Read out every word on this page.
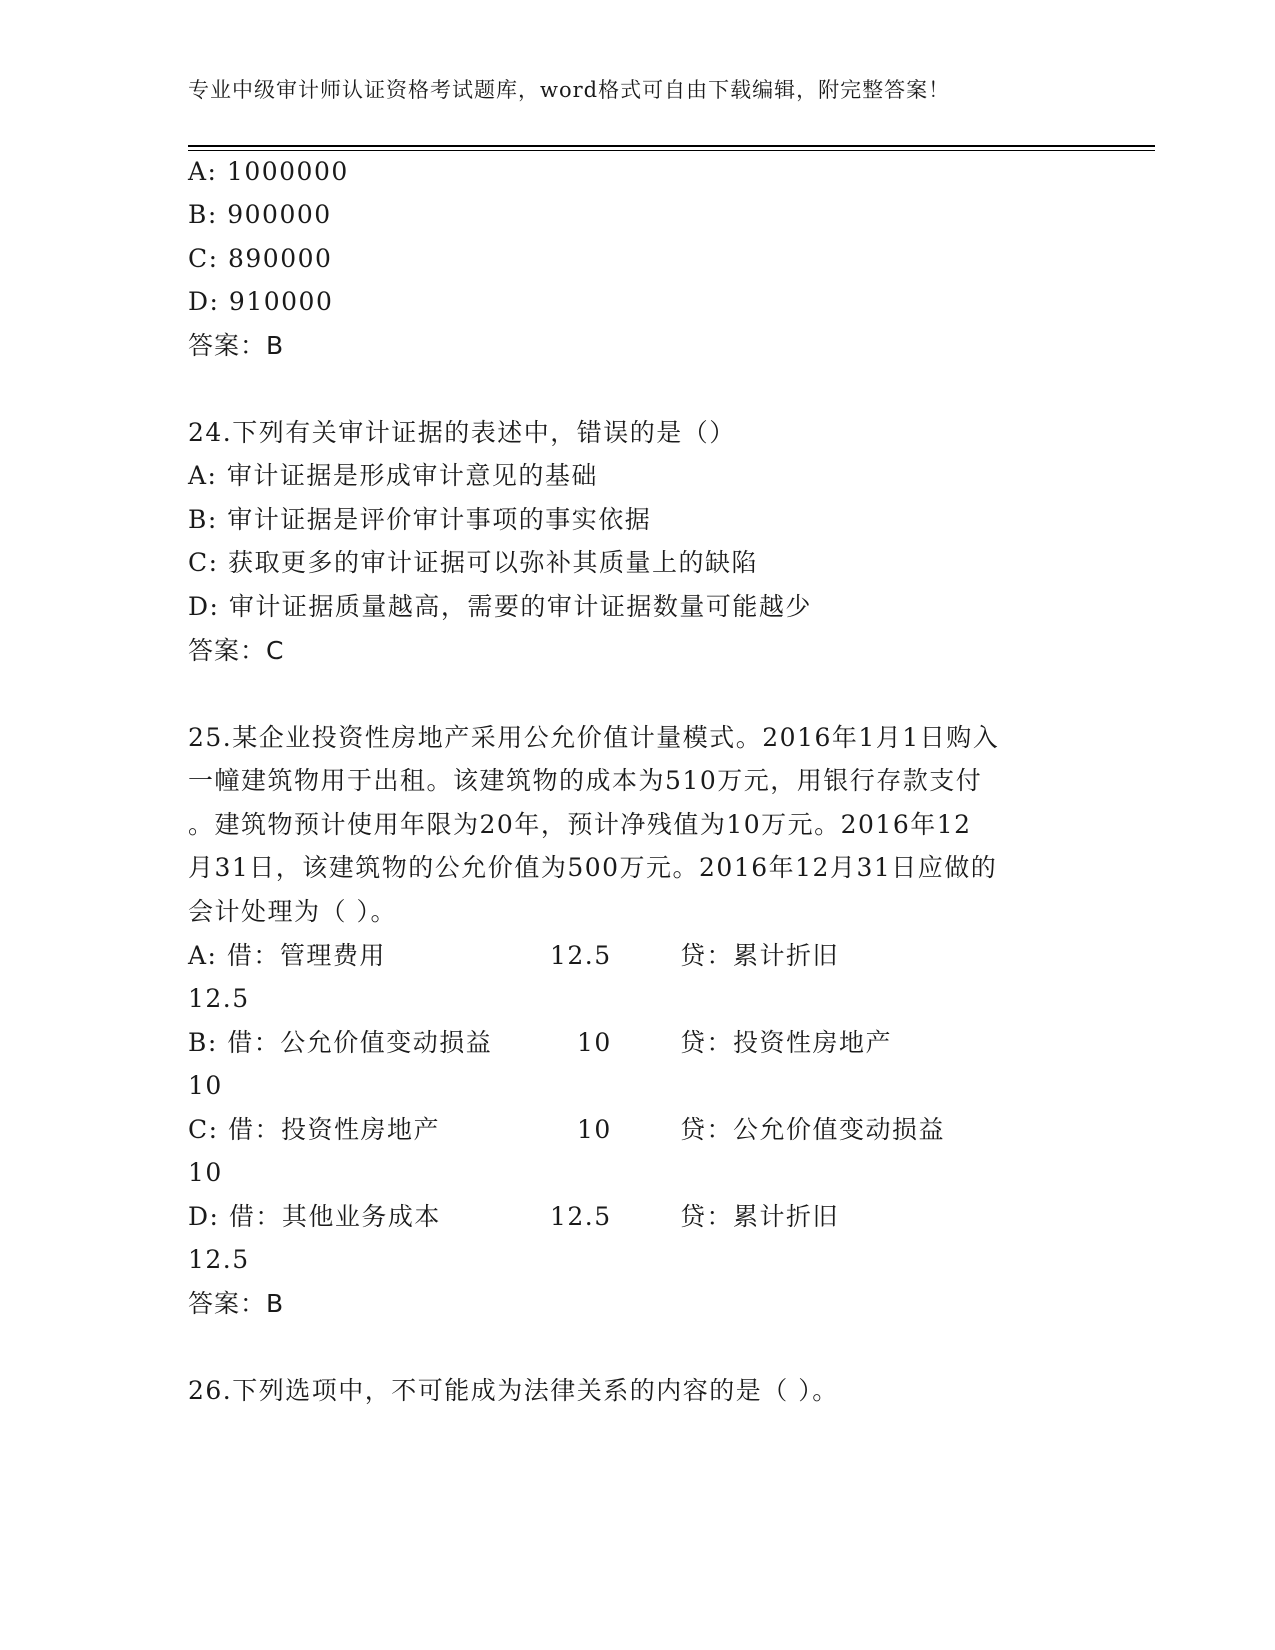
专业中级审计师认证资格考试题库，word格式可自由下载编辑，附完整答案！
A: 1000000
B: 900000
C: 890000
D: 910000
答案：B
24.下列有关审计证据的表述中，错误的是（）
A: 审计证据是形成审计意见的基础
B: 审计证据是评价审计事项的事实依据
C: 获取更多的审计证据可以弥补其质量上的缺陷
D: 审计证据质量越高，需要的审计证据数量可能越少
答案：C
25.某企业投资性房地产采用公允价值计量模式。2016年1月1日购入
一幢建筑物用于出租。该建筑物的成本为510万元，用银行存款支付
。建筑物预计使用年限为20年，预计净残值为10万元。2016年12
月31日，该建筑物的公允价值为500万元。2016年12月31日应做的
会计处理为（ ）。
A: 借：管理费用	12.5	贷：累计折旧
12.5
B: 借：公允价值变动损益	10	贷：投资性房地产
10
C: 借：投资性房地产	10	贷：公允价值变动损益
10
D: 借：其他业务成本	12.5	贷：累计折旧
12.5
答案：B
26.下列选项中，不可能成为法律关系的内容的是（ ）。
